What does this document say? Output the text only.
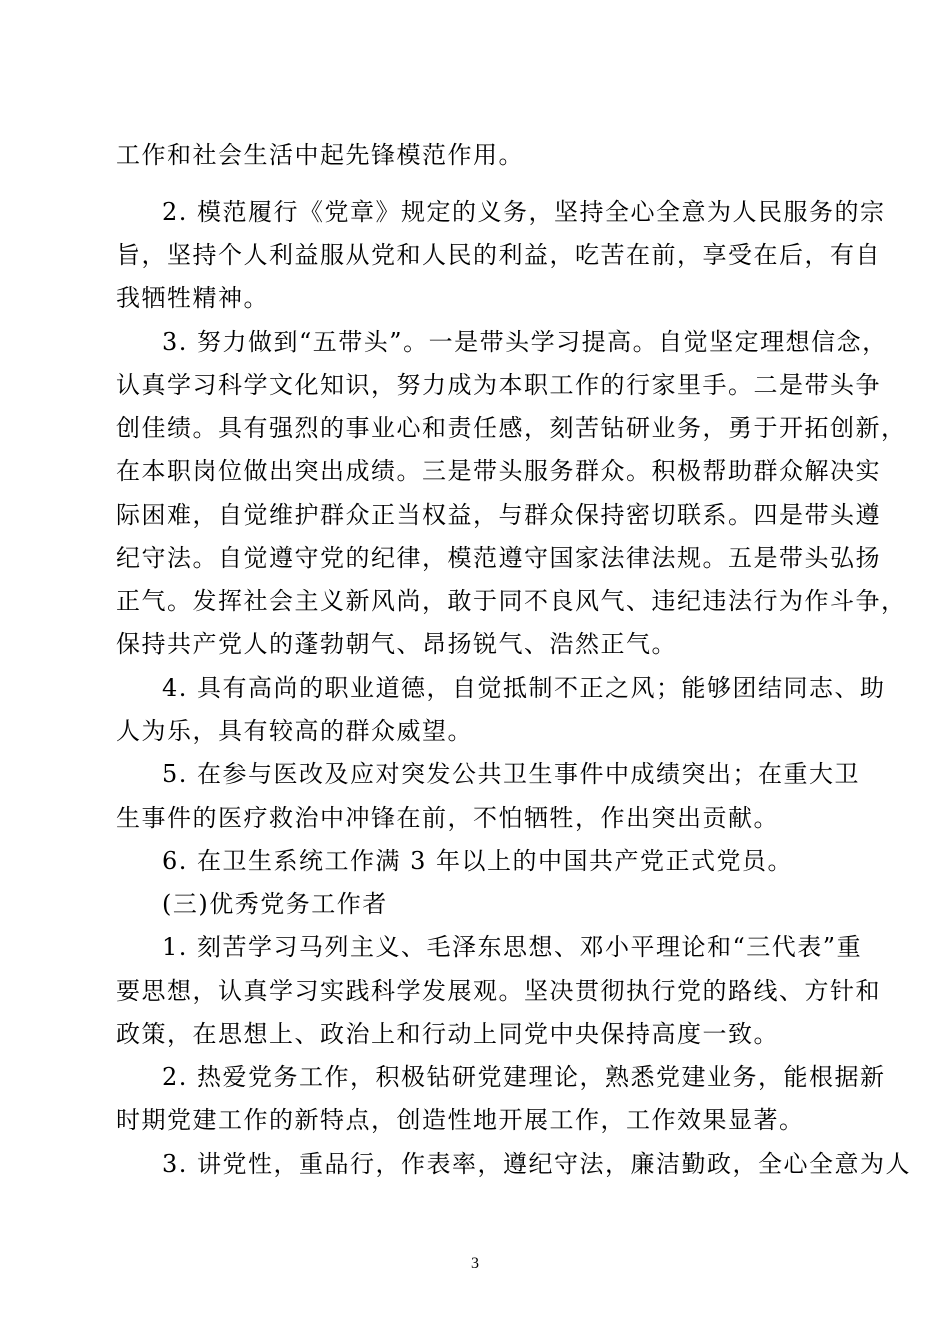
工作和社会生活中起先锋模范作用。
2. 模范履行《党章》规定的义务，坚持全心全意为人民服务的宗
旨，坚持个人利益服从党和人民的利益，吃苦在前，享受在后，有自
我牺牲精神。
3. 努力做到“五带头”。一是带头学习提高。自觉坚定理想信念，
认真学习科学文化知识，努力成为本职工作的行家里手。二是带头争
创佳绩。具有强烈的事业心和责任感，刻苦钻研业务，勇于开拓创新，
在本职岗位做出突出成绩。三是带头服务群众。积极帮助群众解决实
际困难，自觉维护群众正当权益，与群众保持密切联系。四是带头遵
纪守法。自觉遵守党的纪律，模范遵守国家法律法规。五是带头弘扬
正气。发挥社会主义新风尚，敢于同不良风气、违纪违法行为作斗争，
保持共产党人的蓬勃朝气、昂扬锐气、浩然正气。
4. 具有高尚的职业道德，自觉抵制不正之风；能够团结同志、助
人为乐，具有较高的群众威望。
5. 在参与医改及应对突发公共卫生事件中成绩突出；在重大卫
生事件的医疗救治中冲锋在前，不怕牺牲，作出突出贡献。
6. 在卫生系统工作满 3 年以上的中国共产党正式党员。
(三)优秀党务工作者
1. 刻苦学习马列主义、毛泽东思想、邓小平理论和“三代表”重
要思想，认真学习实践科学发展观。坚决贯彻执行党的路线、方针和
政策，在思想上、政治上和行动上同党中央保持高度一致。
2. 热爱党务工作，积极钻研党建理论，熟悉党建业务，能根据新
时期党建工作的新特点，创造性地开展工作，工作效果显著。
3. 讲党性，重品行，作表率，遵纪守法，廉洁勤政，全心全意为人
3
